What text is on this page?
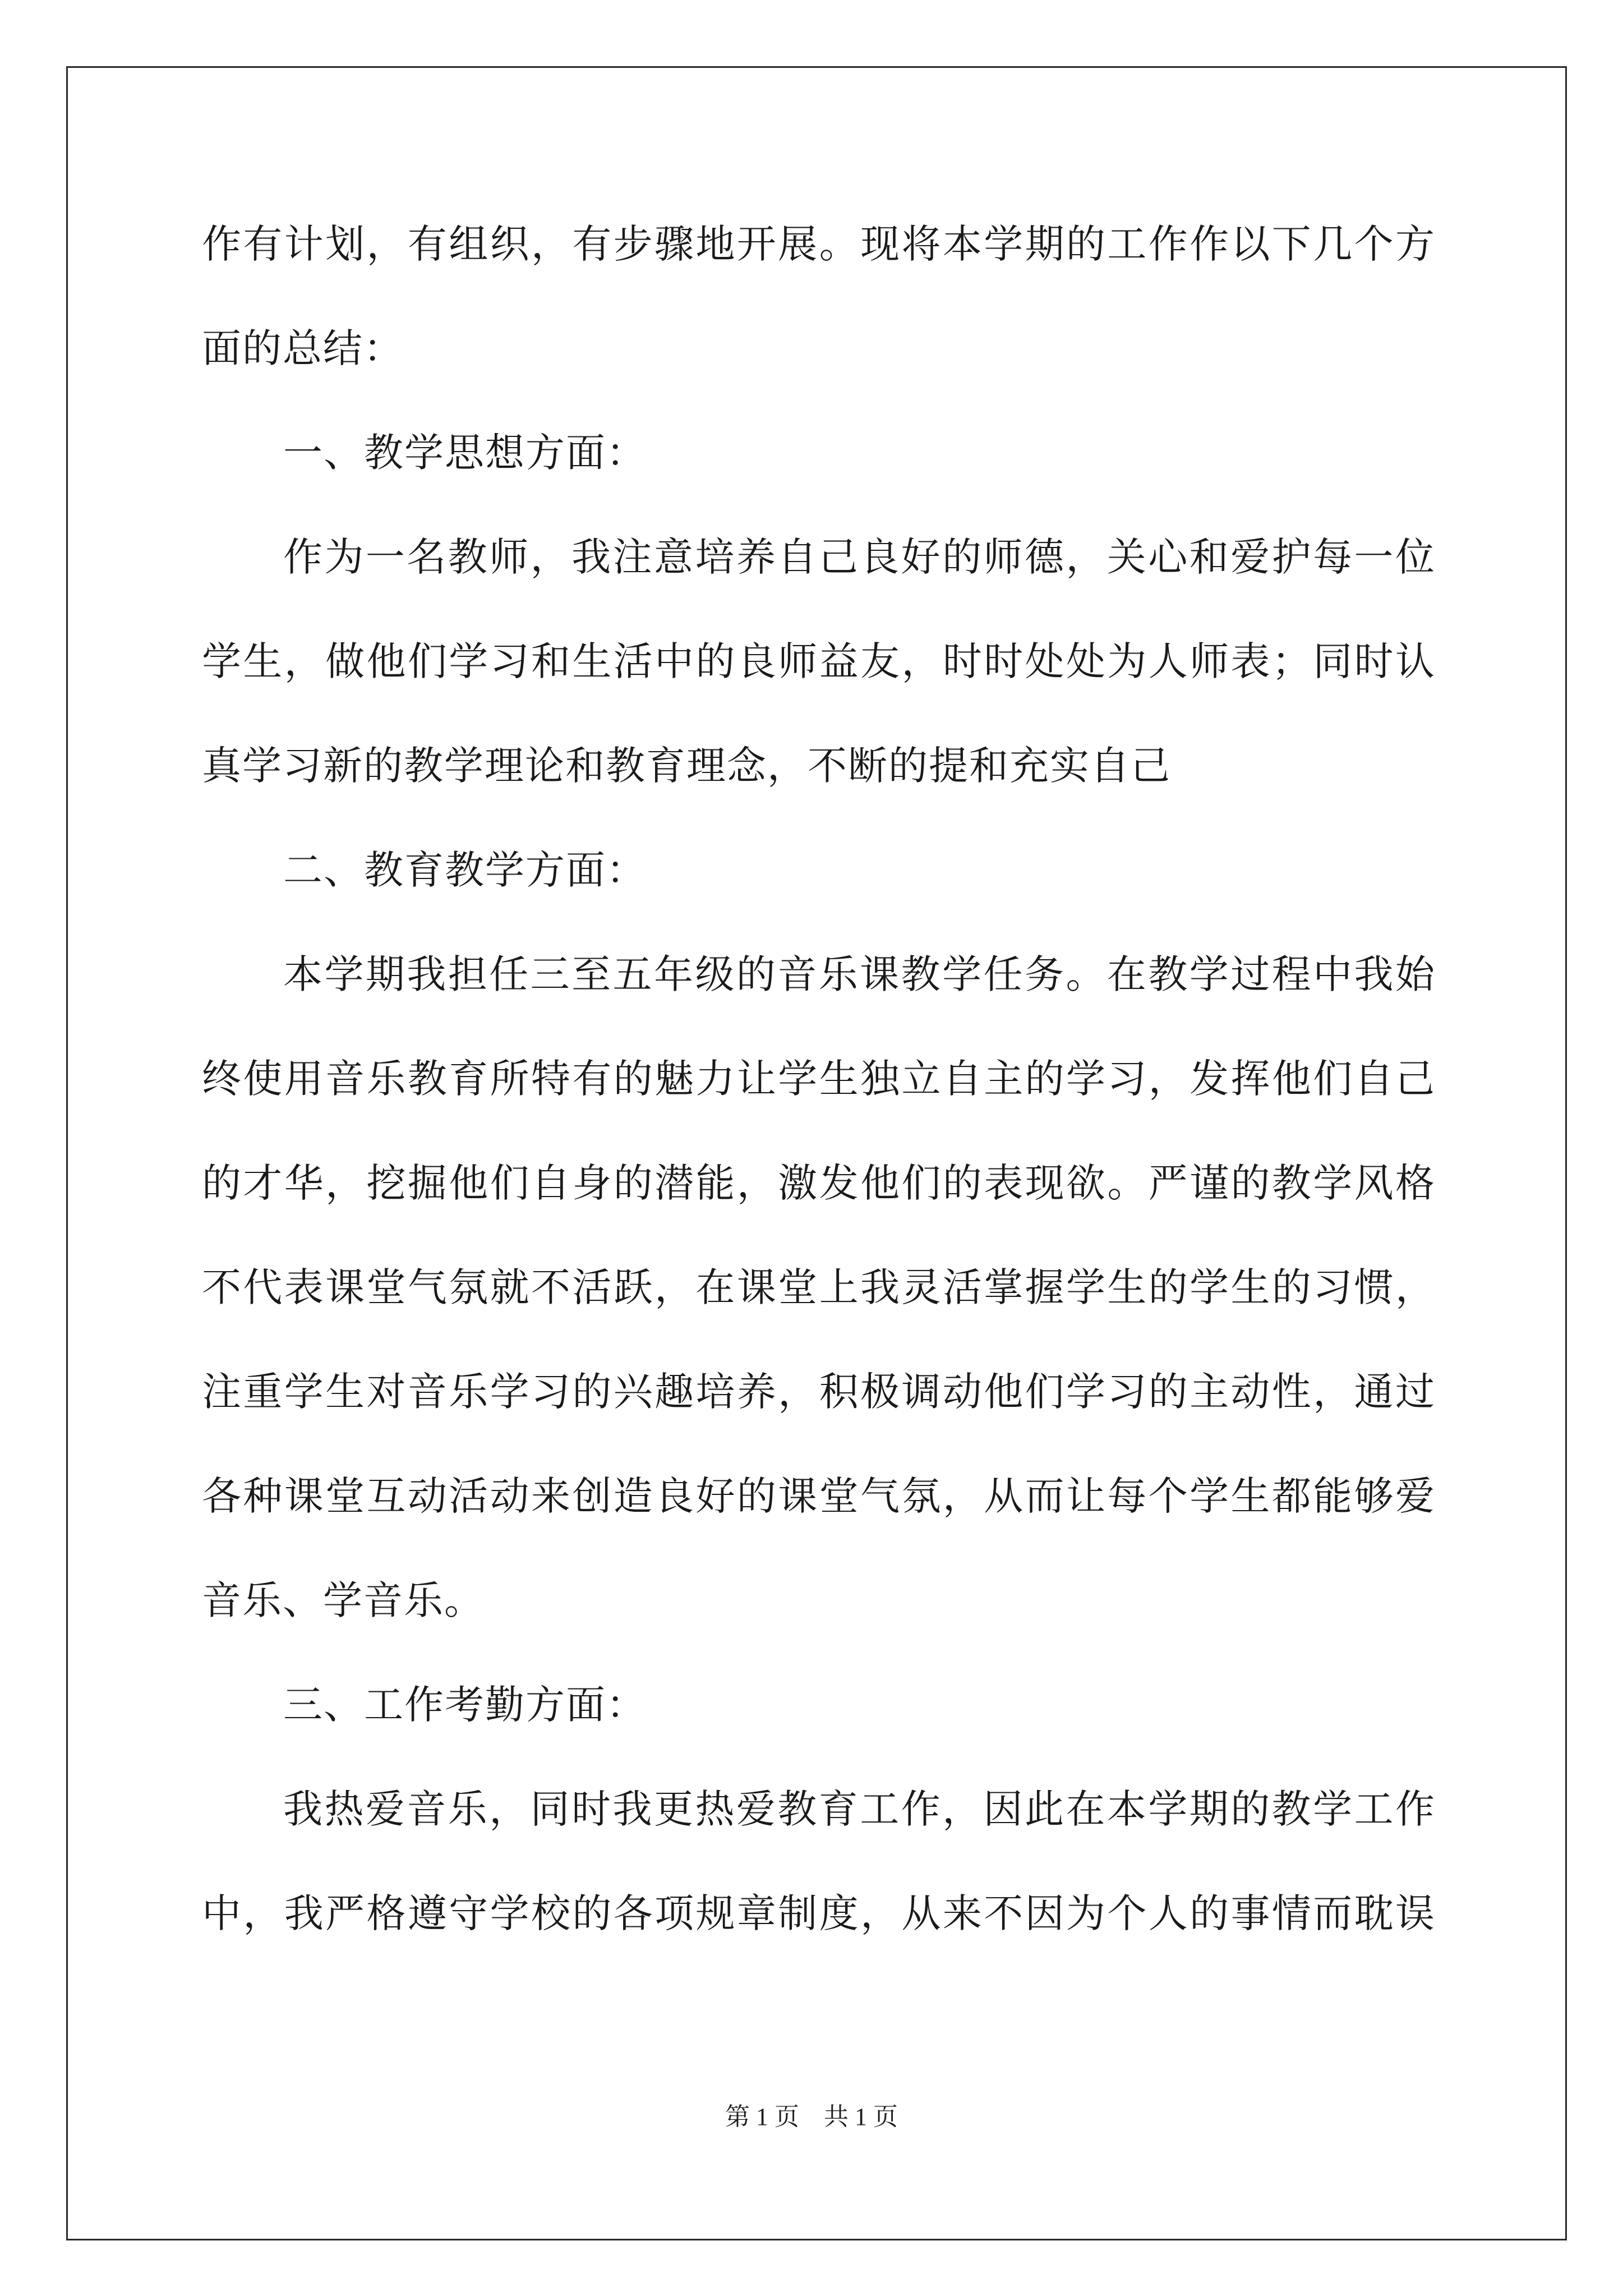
作有计划，有组织，有步骤地开展。现将本学期的工作作以下几个方
面的总结：
一、教学思想方面：
作为一名教师，我注意培养自己良好的师德，关心和爱护每一位
学生，做他们学习和生活中的良师益友，时时处处为人师表；同时认
真学习新的教学理论和教育理念，不断的提和充实自己
二、教育教学方面：
本学期我担任三至五年级的音乐课教学任务。在教学过程中我始
终使用音乐教育所特有的魅力让学生独立自主的学习，发挥他们自己
的才华，挖掘他们自身的潜能，激发他们的表现欲。严谨的教学风格
不代表课堂气氛就不活跃，在课堂上我灵活掌握学生的学生的习惯，
注重学生对音乐学习的兴趣培养，积极调动他们学习的主动性，通过
各种课堂互动活动来创造良好的课堂气氛，从而让每个学生都能够爱
音乐、学音乐。
三、工作考勤方面：
我热爱音乐，同时我更热爱教育工作，因此在本学期的教学工作
中，我严格遵守学校的各项规章制度，从来不因为个人的事情而耽误
第 1 页　共 1 页
